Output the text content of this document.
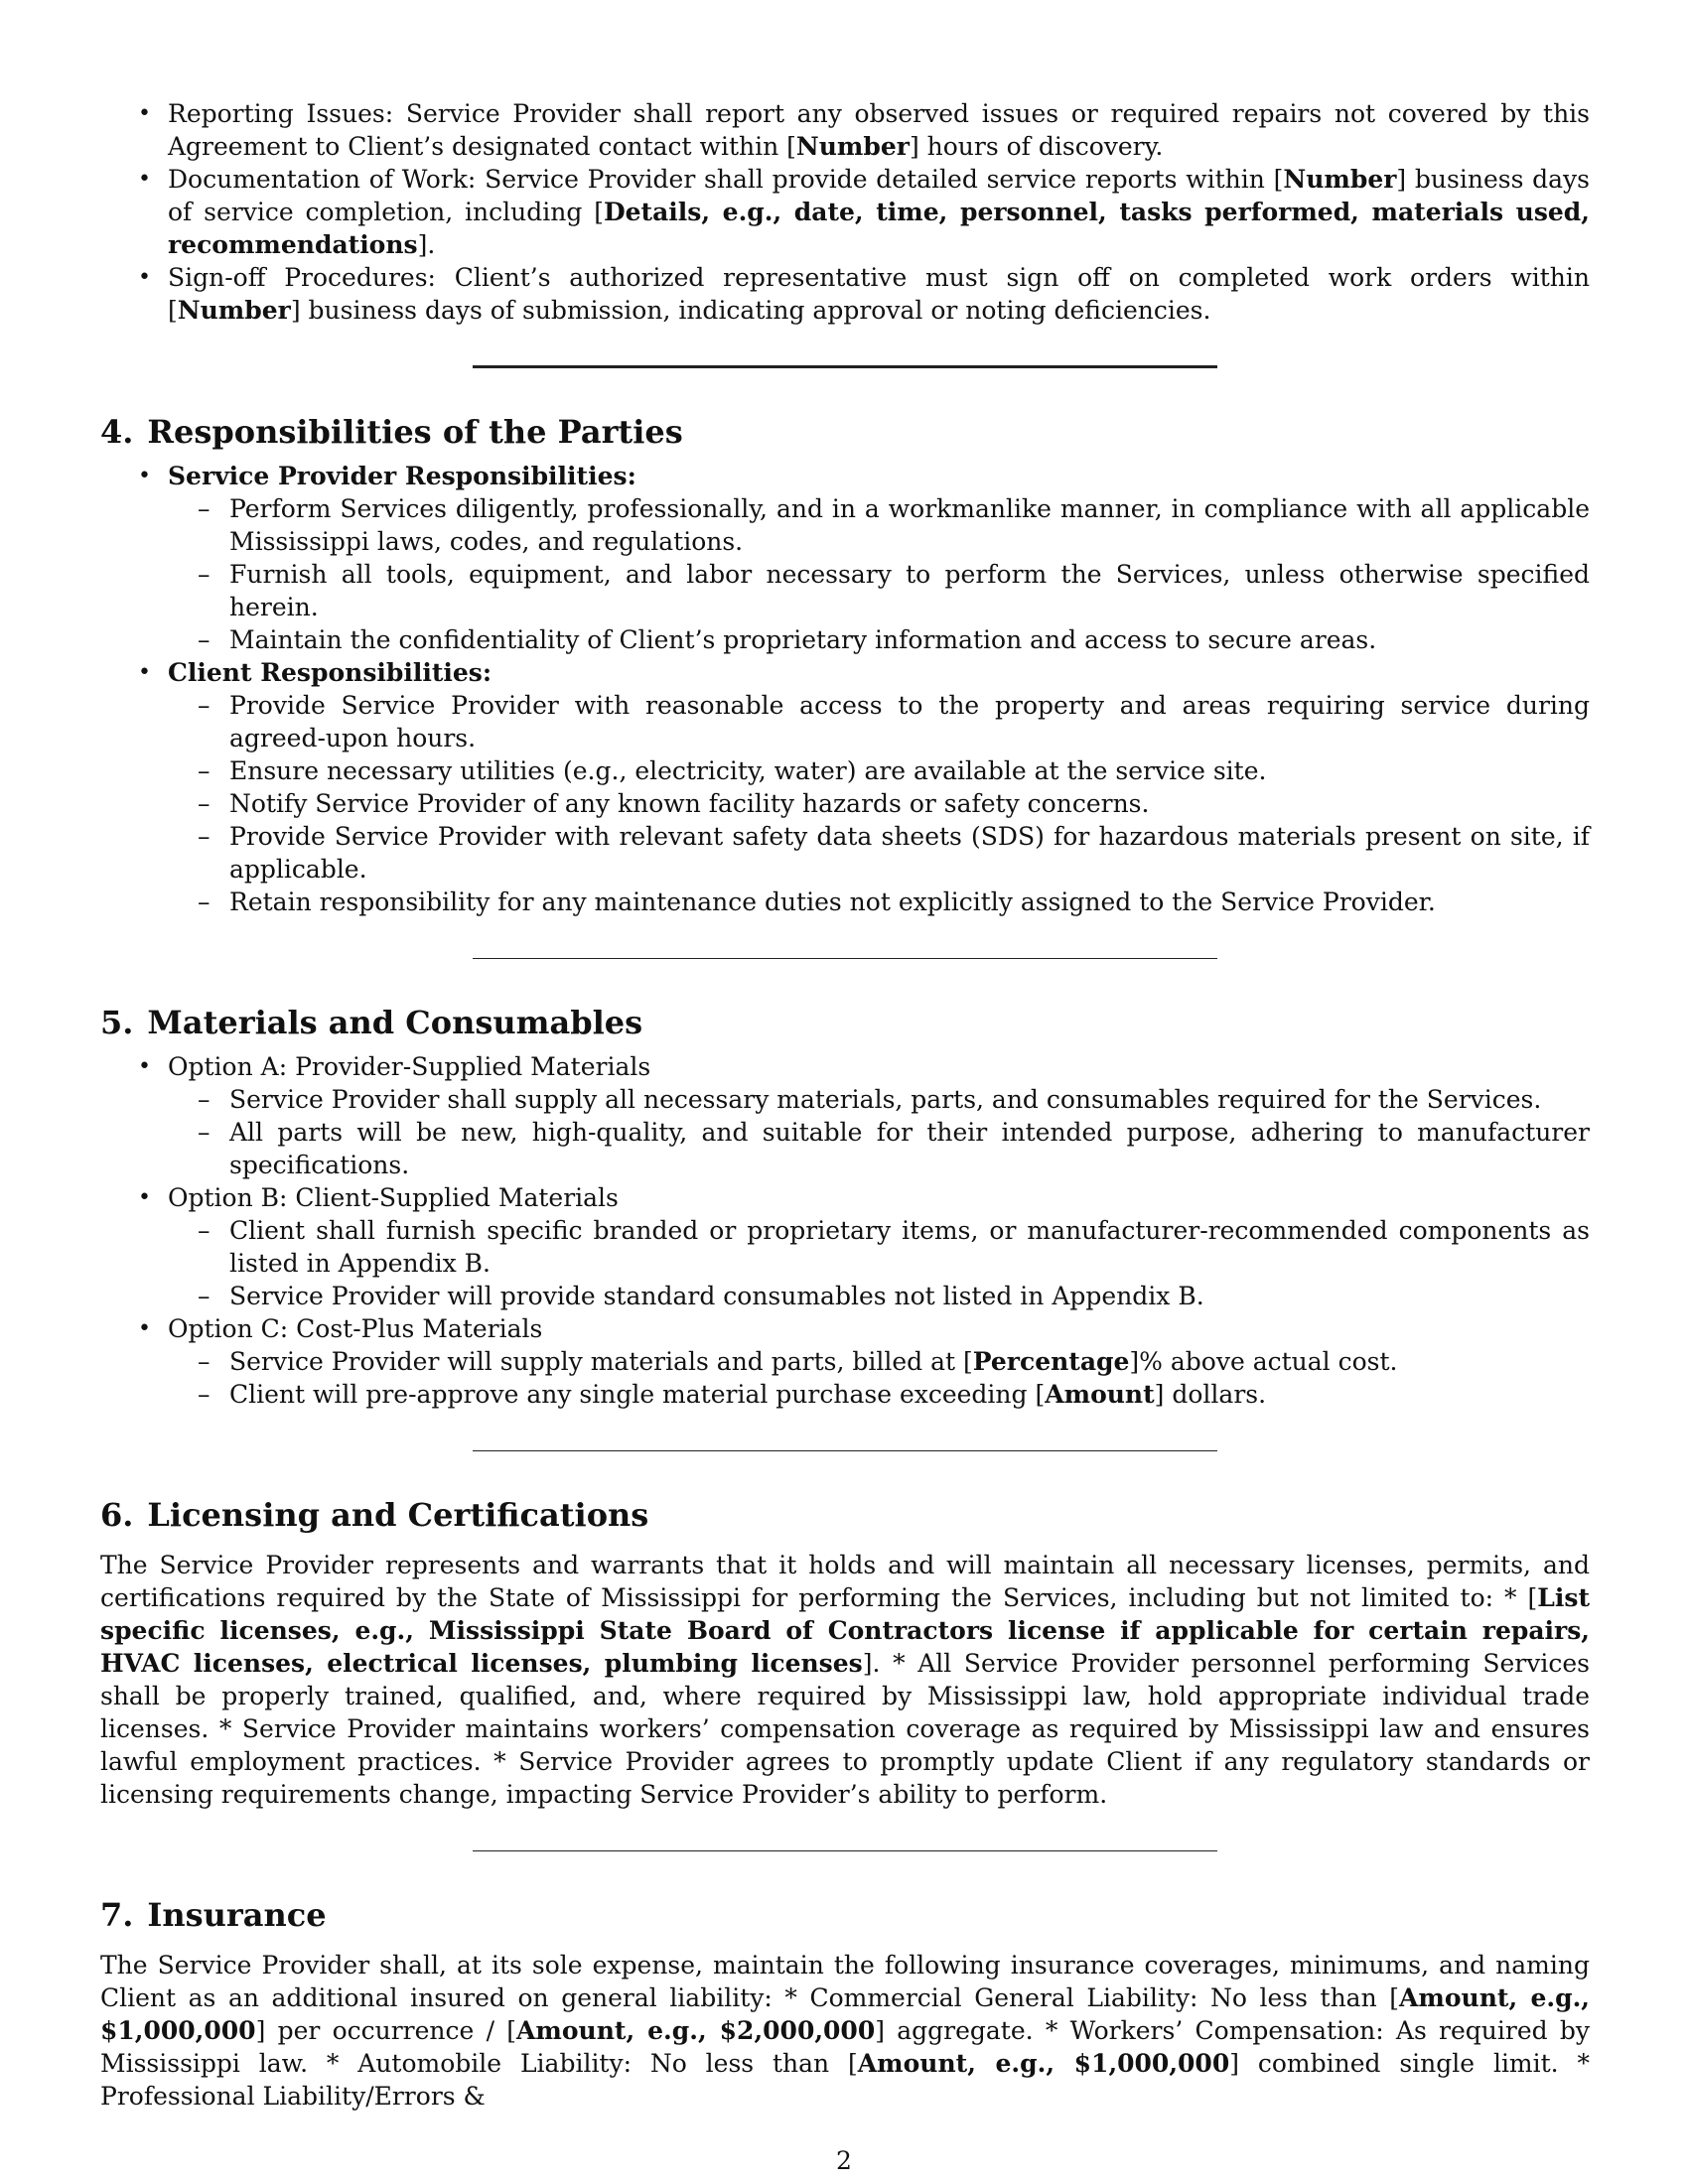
• Reporting Issues: Service Provider shall report any observed issues or required repairs not covered by this Agreement to Client’s designated contact within [Number] hours of discovery.
• Documentation of Work: Service Provider shall provide detailed service reports within [Number] business days of service completion, including [Details, e.g., date, time, personnel, tasks performed, materials used, recommendations].
• Sign-off Procedures: Client’s authorized representative must sign off on completed work orders within [Number] business days of submission, indicating approval or noting deficiencies.
4. Responsibilities of the Parties
• Service Provider Responsibilities:
– Perform Services diligently, professionally, and in a workmanlike manner, in compliance with all applicable Mississippi laws, codes, and regulations.
– Furnish all tools, equipment, and labor necessary to perform the Services, unless otherwise specified herein.
– Maintain the confidentiality of Client’s proprietary information and access to secure areas.
• Client Responsibilities:
– Provide Service Provider with reasonable access to the property and areas requiring service during agreed-upon hours.
– Ensure necessary utilities (e.g., electricity, water) are available at the service site.
– Notify Service Provider of any known facility hazards or safety concerns.
– Provide Service Provider with relevant safety data sheets (SDS) for hazardous materials present on site, if applicable.
– Retain responsibility for any maintenance duties not explicitly assigned to the Service Provider.
5. Materials and Consumables
• Option A: Provider-Supplied Materials
– Service Provider shall supply all necessary materials, parts, and consumables required for the Services.
– All parts will be new, high-quality, and suitable for their intended purpose, adhering to manufacturer specifications.
• Option B: Client-Supplied Materials
– Client shall furnish specific branded or proprietary items, or manufacturer-recommended components as listed in Appendix B.
– Service Provider will provide standard consumables not listed in Appendix B.
• Option C: Cost-Plus Materials
– Service Provider will supply materials and parts, billed at [Percentage]% above actual cost.
– Client will pre-approve any single material purchase exceeding [Amount] dollars.
6. Licensing and Certifications

The Service Provider represents and warrants that it holds and will maintain all necessary licenses, permits, and certifications required by the State of Mississippi for performing the Services, including but not limited to: * [List specific licenses, e.g., Mississippi State Board of Contractors license if applicable for certain repairs, HVAC licenses, electrical licenses, plumbing licenses]. * All Service Provider personnel performing Services shall be properly trained, qualified, and, where required by Mississippi law, hold appropriate individual trade licenses. * Service Provider maintains workers’ compensation coverage as required by Mississippi law and ensures lawful employment practices. * Service Provider agrees to promptly update Client if any regulatory standards or licensing requirements change, impacting Service Provider’s ability to perform.

7. Insurance

The Service Provider shall, at its sole expense, maintain the following insurance coverages, minimums, and naming Client as an additional insured on general liability: * Commercial General Liability: No less than [Amount, e.g., $1,000,000] per occurrence / [Amount, e.g., $2,000,000] aggregate. * Workers’ Compensation: As required by Mississippi law. * Automobile Liability: No less than [Amount, e.g., $1,000,000] combined single limit. * Professional Liability/Errors &

2
